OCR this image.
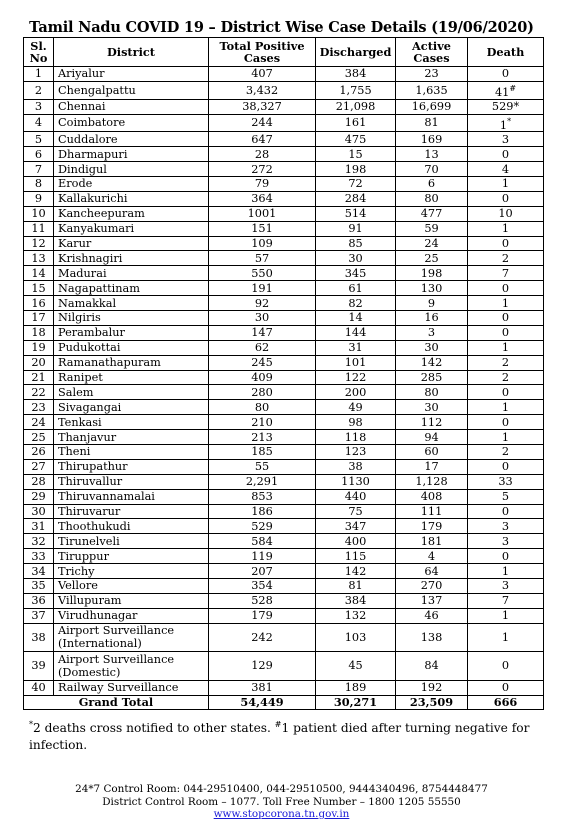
Tamil Nadu COVID 19 – District Wise Case Details (19/06/2020)
Sl. No	District	Total Positive Cases	Discharged	Active Cases	Death
1	Ariyalur	407	384	23	0
2	Chengalpattu	3,432	1,755	1,635	41#
3	Chennai	38,327	21,098	16,699	529*
4	Coimbatore	244	161	81	1*
5	Cuddalore	647	475	169	3
6	Dharmapuri	28	15	13	0
7	Dindigul	272	198	70	4
8	Erode	79	72	6	1
9	Kallakurichi	364	284	80	0
10	Kancheepuram	1001	514	477	10
11	Kanyakumari	151	91	59	1
12	Karur	109	85	24	0
13	Krishnagiri	57	30	25	2
14	Madurai	550	345	198	7
15	Nagapattinam	191	61	130	0
16	Namakkal	92	82	9	1
17	Nilgiris	30	14	16	0
18	Perambalur	147	144	3	0
19	Pudukottai	62	31	30	1
20	Ramanathapuram	245	101	142	2
21	Ranipet	409	122	285	2
22	Salem	280	200	80	0
23	Sivagangai	80	49	30	1
24	Tenkasi	210	98	112	0
25	Thanjavur	213	118	94	1
26	Theni	185	123	60	2
27	Thirupathur	55	38	17	0
28	Thiruvallur	2,291	1130	1,128	33
29	Thiruvannamalai	853	440	408	5
30	Thiruvarur	186	75	111	0
31	Thoothukudi	529	347	179	3
32	Tirunelveli	584	400	181	3
33	Tiruppur	119	115	4	0
34	Trichy	207	142	64	1
35	Vellore	354	81	270	3
36	Villupuram	528	384	137	7
37	Virudhunagar	179	132	46	1
38	Airport Surveillance (International)	242	103	138	1
39	Airport Surveillance (Domestic)	129	45	84	0
40	Railway Surveillance	381	189	192	0
Grand Total		54,449	30,271	23,509	666
*2 deaths cross notified to other states. #1 patient died after turning negative for infection.
24*7 Control Room: 044-29510400, 044-29510500, 9444340496, 8754448477
District Control Room – 1077. Toll Free Number – 1800 1205 55550
www.stopcorona.tn.gov.in
